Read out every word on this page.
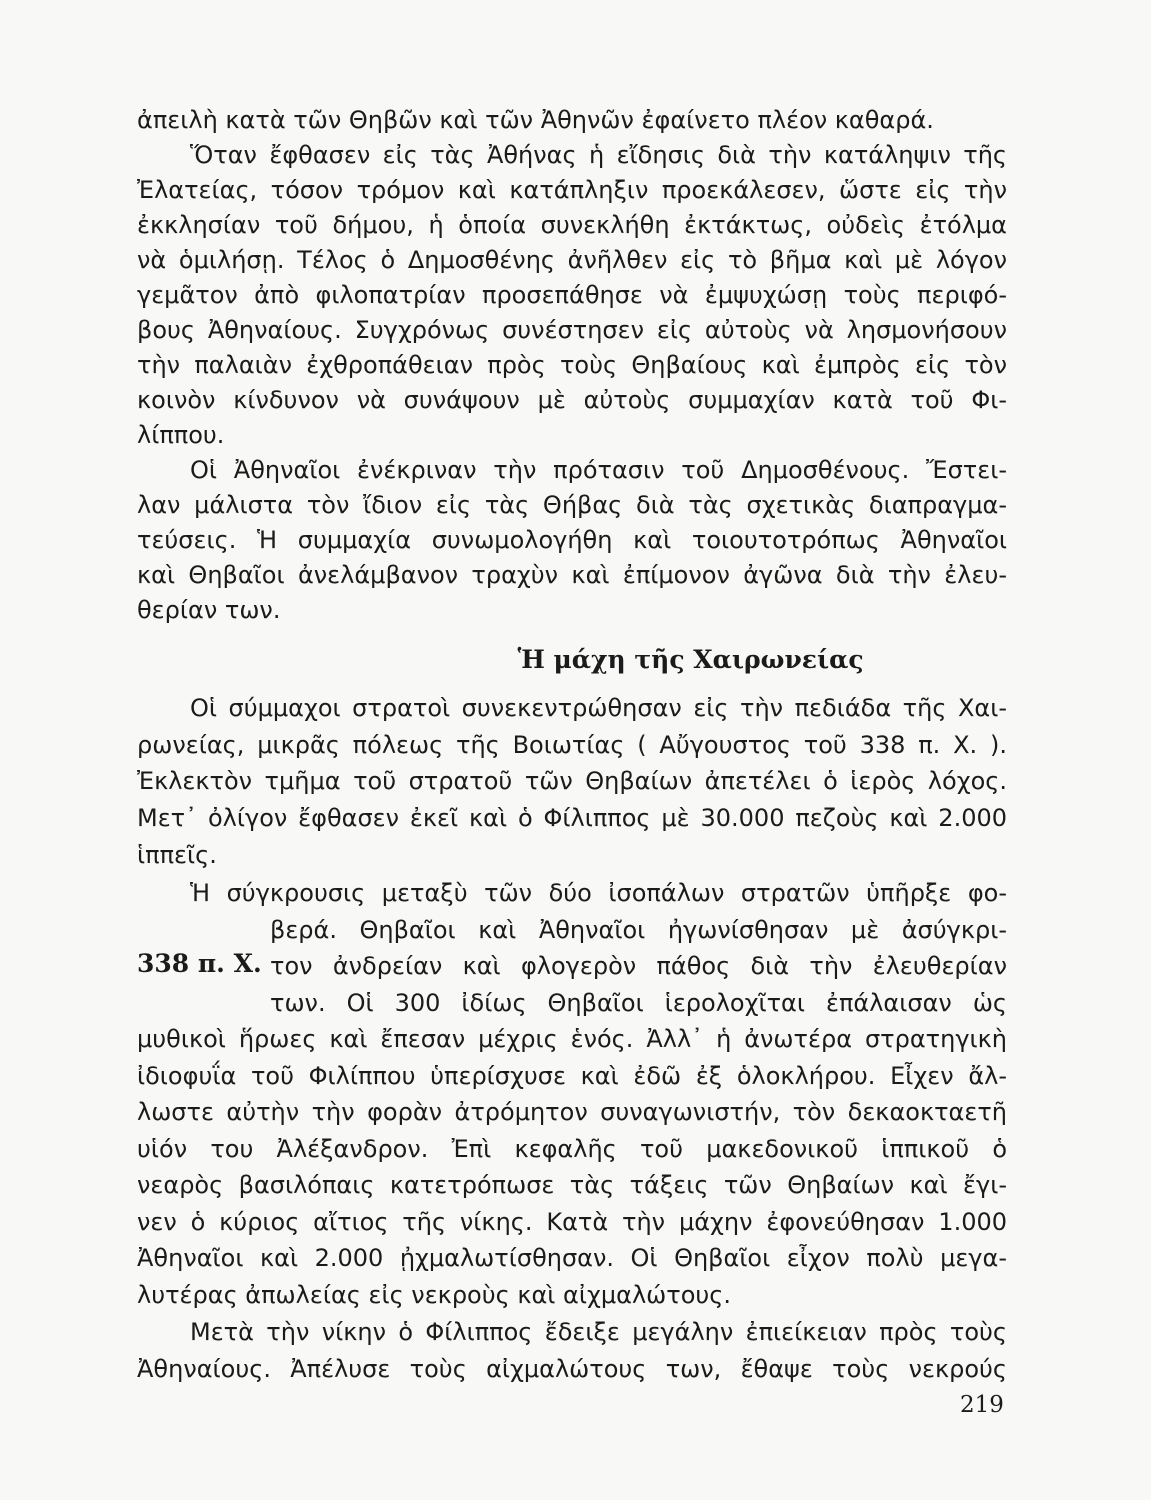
Ἡ μάχη τῆς Χαιρωνείας
338 π. Χ.
219
ἀπειλὴ κατὰ τῶν Θηβῶν καὶ τῶν Ἀθηνῶν ἐφαίνετο πλέον καθαρά.
Ὅταν ἔφθασεν εἰς τὰς Ἀθήνας ἡ εἴδησις διὰ τὴν κατάληψιν τῆς
Ἐλατείας, τόσον τρόμον καὶ κατάπληξιν προεκάλεσεν, ὥστε εἰς τὴν
ἐκκλησίαν τοῦ δήμου, ἡ ὁποία συνεκλήθη ἐκτάκτως, οὐδεὶς ἐτόλμα
νὰ ὁμιλήσῃ. Τέλος ὁ Δημοσθένης ἀνῆλθεν εἰς τὸ βῆμα καὶ μὲ λόγον
γεμᾶτον ἀπὸ φιλοπατρίαν προσεπάθησε νὰ ἐμψυχώσῃ τοὺς περιφό-
βους Ἀθηναίους. Συγχρόνως συνέστησεν εἰς αὐτοὺς νὰ λησμονήσουν
τὴν παλαιὰν ἐχθροπάθειαν πρὸς τοὺς Θηβαίους καὶ ἐμπρὸς εἰς τὸν
κοινὸν κίνδυνον νὰ συνάψουν μὲ αὐτοὺς συμμαχίαν κατὰ τοῦ Φι-
λίππου.
Οἱ Ἀθηναῖοι ἐνέκριναν τὴν πρότασιν τοῦ Δημοσθένους. Ἔστει-
λαν μάλιστα τὸν ἴδιον εἰς τὰς Θήβας διὰ τὰς σχετικὰς διαπραγμα-
τεύσεις. Ἡ συμμαχία συνωμολογήθη καὶ τοιουτοτρόπως Ἀθηναῖοι
καὶ Θηβαῖοι ἀνελάμβανον τραχὺν καὶ ἐπίμονον ἀγῶνα διὰ τὴν ἐλευ-
θερίαν των.
Οἱ σύμμαχοι στρατοὶ συνεκεντρώθησαν εἰς τὴν πεδιάδα τῆς Χαι-
ρωνείας, μικρᾶς πόλεως τῆς Βοιωτίας ( Αὔγουστος τοῦ 338 π. Χ. ).
Ἐκλεκτὸν τμῆμα τοῦ στρατοῦ τῶν Θηβαίων ἀπετέλει ὁ ἱερὸς λόχος.
Μετ᾽ ὀλίγον ἔφθασεν ἐκεῖ καὶ ὁ Φίλιππος μὲ 30.000 πεζοὺς καὶ 2.000
ἱππεῖς.
Ἡ σύγκρουσις μεταξὺ τῶν δύο ἰσοπάλων στρατῶν ὑπῆρξε φο-
βερά. Θηβαῖοι καὶ Ἀθηναῖοι ἠγωνίσθησαν μὲ ἀσύγκρι-
τον ἀνδρείαν καὶ φλογερὸν πάθος διὰ τὴν ἐλευθερίαν
των. Οἱ 300 ἰδίως Θηβαῖοι ἱερολοχῖται ἐπάλαισαν ὡς
μυθικοὶ ἥρωες καὶ ἔπεσαν μέχρις ἑνός. Ἀλλ᾽ ἡ ἀνωτέρα στρατηγικὴ
ἰδιοφυΐα τοῦ Φιλίππου ὑπερίσχυσε καὶ ἐδῶ ἐξ ὁλοκλήρου. Εἶχεν ἄλ-
λωστε αὐτὴν τὴν φορὰν ἀτρόμητον συναγωνιστήν, τὸν δεκαοκταετῆ
υἱόν του Ἀλέξανδρον. Ἐπὶ κεφαλῆς τοῦ μακεδονικοῦ ἱππικοῦ ὁ
νεαρὸς βασιλόπαις κατετρόπωσε τὰς τάξεις τῶν Θηβαίων καὶ ἔγι-
νεν ὁ κύριος αἴτιος τῆς νίκης. Κατὰ τὴν μάχην ἐφονεύθησαν 1.000
Ἀθηναῖοι καὶ 2.000 ᾐχμαλωτίσθησαν. Οἱ Θηβαῖοι εἶχον πολὺ μεγα-
λυτέρας ἀπωλείας εἰς νεκροὺς καὶ αἰχμαλώτους.
Μετὰ τὴν νίκην ὁ Φίλιππος ἔδειξε μεγάλην ἐπιείκειαν πρὸς τοὺς
Ἀθηναίους. Ἀπέλυσε τοὺς αἰχμαλώτους των, ἔθαψε τοὺς νεκρούς
